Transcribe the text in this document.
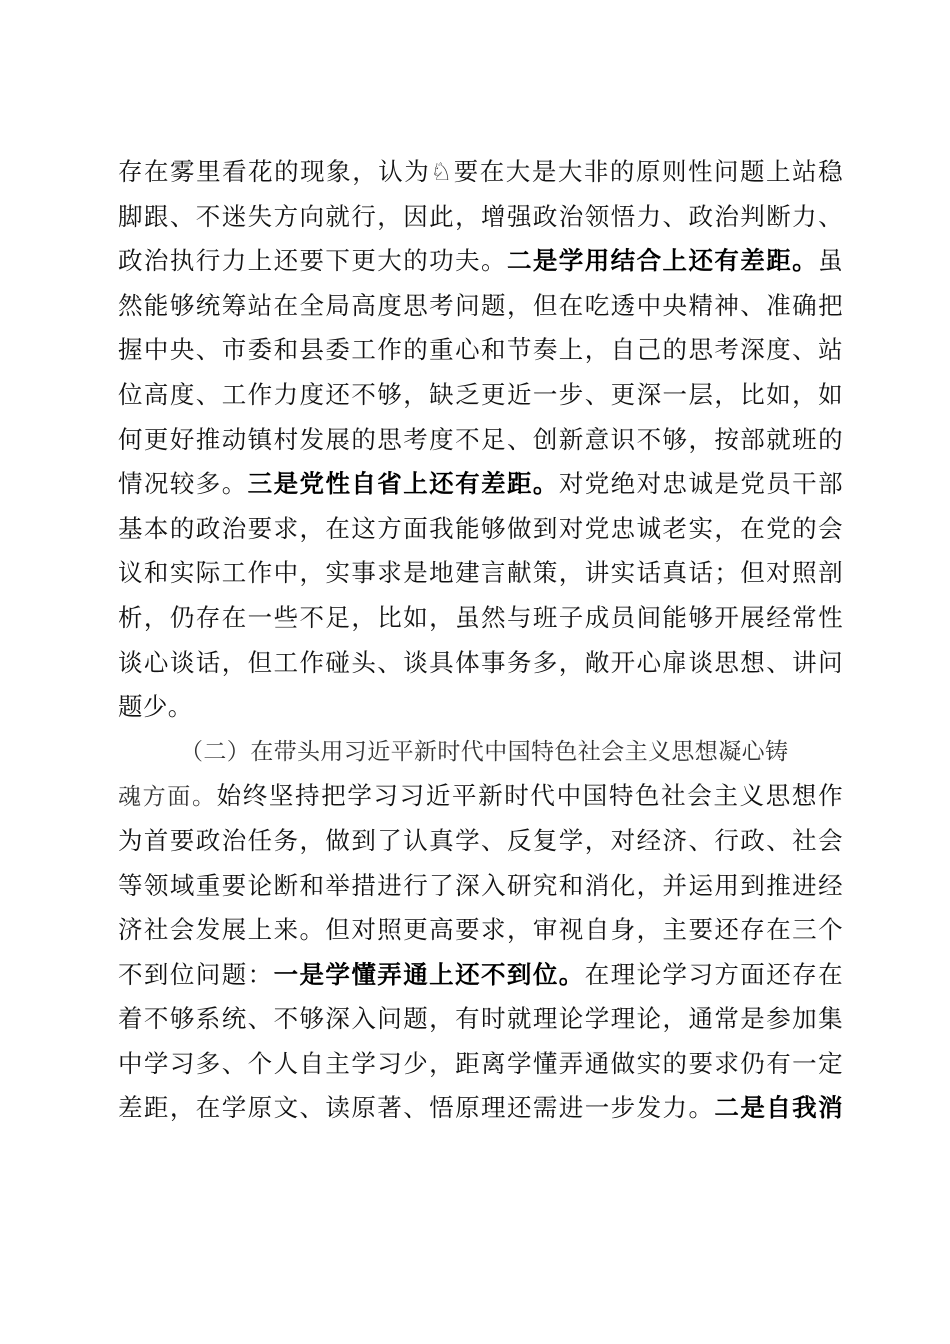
存在雾里看花的现象，认为♘要在大是大非的原则性问题上站稳
脚跟、不迷失方向就行，因此，增强政治领悟力、政治判断力、
政治执行力上还要下更大的功夫。二是学用结合上还有差距。虽
然能够统筹站在全局高度思考问题，但在吃透中央精神、准确把
握中央、市委和县委工作的重心和节奏上，自己的思考深度、站
位高度、工作力度还不够，缺乏更近一步、更深一层，比如，如
何更好推动镇村发展的思考度不足、创新意识不够，按部就班的
情况较多。三是党性自省上还有差距。对党绝对忠诚是党员干部
基本的政治要求，在这方面我能够做到对党忠诚老实，在党的会
议和实际工作中，实事求是地建言献策，讲实话真话；但对照剖
析，仍存在一些不足，比如，虽然与班子成员间能够开展经常性
谈心谈话，但工作碰头、谈具体事务多，敞开心扉谈思想、讲问
题少。
（二）在带头用习近平新时代中国特色社会主义思想凝心铸
魂方面。始终坚持把学习习近平新时代中国特色社会主义思想作
为首要政治任务，做到了认真学、反复学，对经济、行政、社会
等领域重要论断和举措进行了深入研究和消化，并运用到推进经
济社会发展上来。但对照更高要求，审视自身，主要还存在三个
不到位问题：一是学懂弄通上还不到位。在理论学习方面还存在
着不够系统、不够深入问题，有时就理论学理论，通常是参加集
中学习多、个人自主学习少，距离学懂弄通做实的要求仍有一定
差距，在学原文、读原著、悟原理还需进一步发力。二是自我消
